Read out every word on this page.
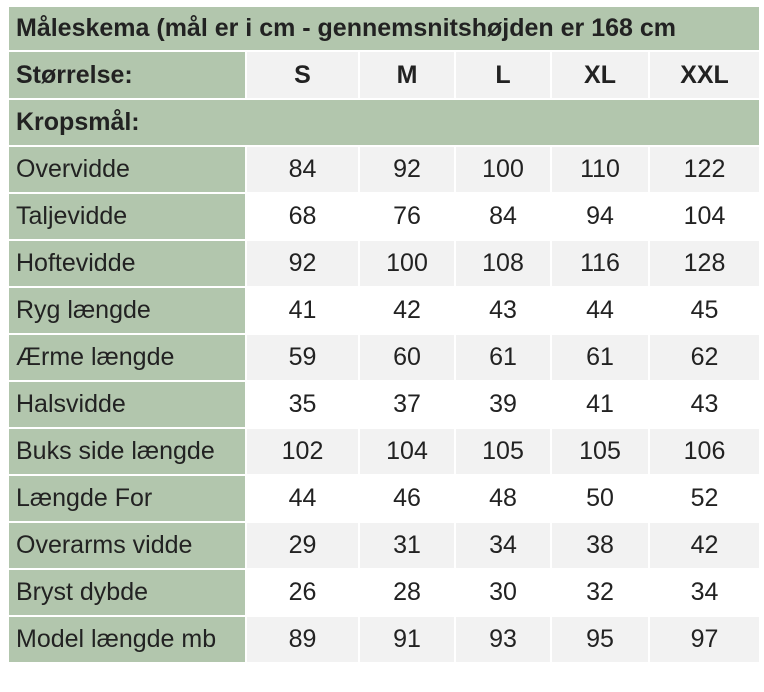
Måleskema (mål er i cm - gennemsnitshøjden er 168 cm					
Størrelse:	S	M	L	XL	XXL
Kropsmål:					
Overvidde	84	92	100	110	122
Taljevidde	68	76	84	94	104
Hoftevidde	92	100	108	116	128
Ryg længde	41	42	43	44	45
Ærme længde	59	60	61	61	62
Halsvidde	35	37	39	41	43
Buks side længde	102	104	105	105	106
Længde For	44	46	48	50	52
Overarms vidde	29	31	34	38	42
Bryst dybde	26	28	30	32	34
Model længde mb	89	91	93	95	97
